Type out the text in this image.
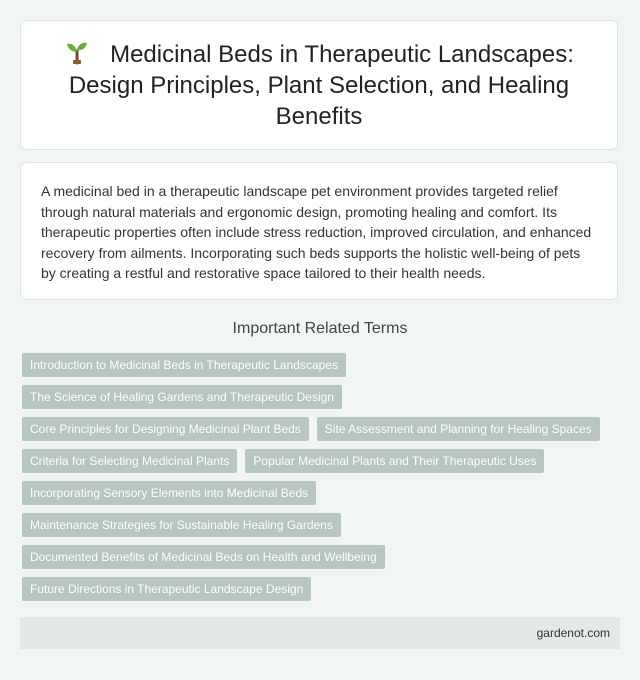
Medicinal Beds in Therapeutic Landscapes: Design Principles, Plant Selection, and Healing Benefits

A medicinal bed in a therapeutic landscape pet environment provides targeted relief through natural materials and ergonomic design, promoting healing and comfort. Its therapeutic properties often include stress reduction, improved circulation, and enhanced recovery from ailments. Incorporating such beds supports the holistic well-being of pets by creating a restful and restorative space tailored to their health needs.

Important Related Terms
Introduction to Medicinal Beds in Therapeutic Landscapes
The Science of Healing Gardens and Therapeutic Design
Core Principles for Designing Medicinal Plant Beds	Site Assessment and Planning for Healing Spaces
Criteria for Selecting Medicinal Plants	Popular Medicinal Plants and Their Therapeutic Uses
Incorporating Sensory Elements into Medicinal Beds
Maintenance Strategies for Sustainable Healing Gardens
Documented Benefits of Medicinal Beds on Health and Wellbeing
Future Directions in Therapeutic Landscape Design
gardenot.com
